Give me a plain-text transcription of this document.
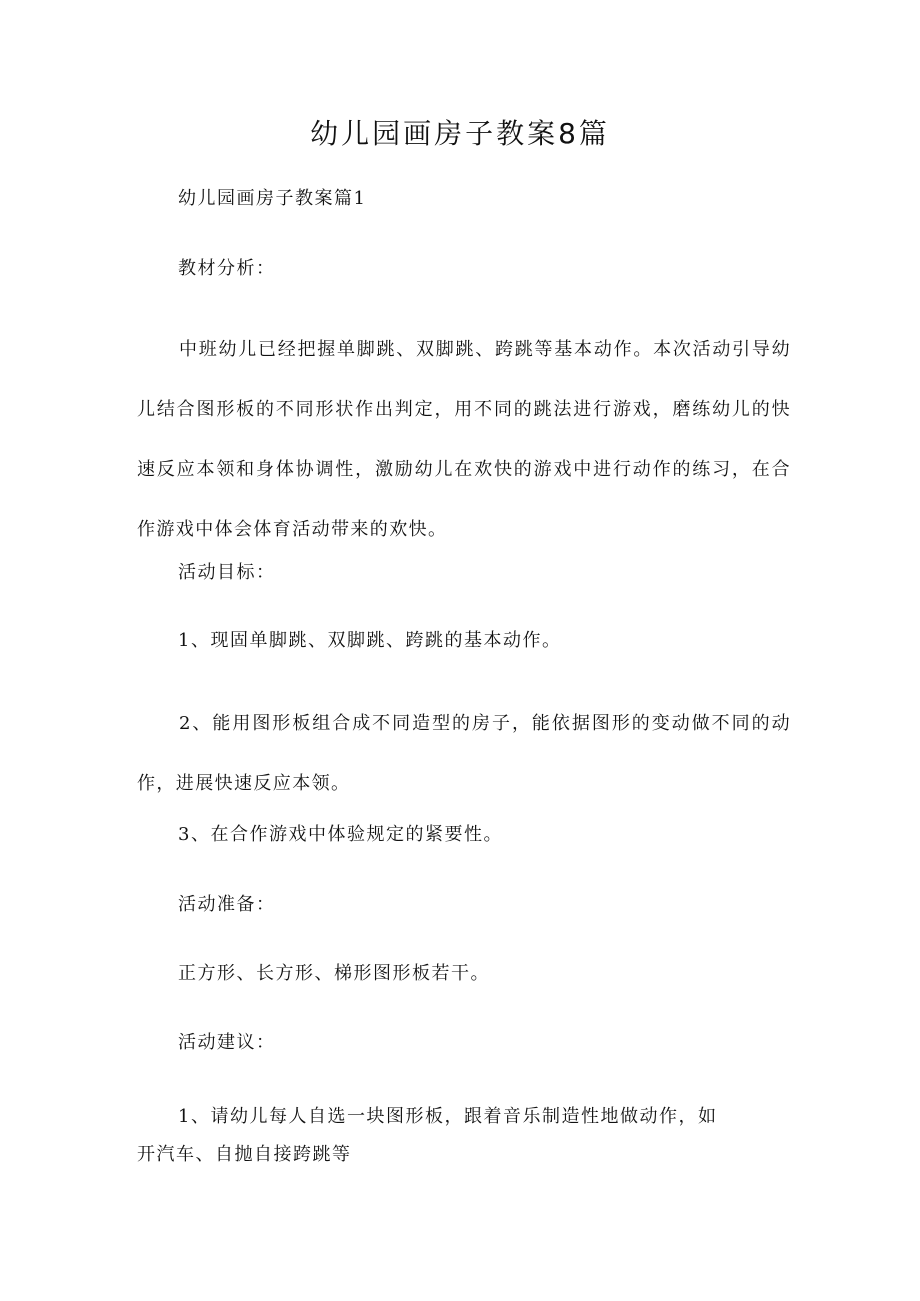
幼儿园画房子教案8篇

幼儿园画房子教案篇1

教材分析：

中班幼儿已经把握单脚跳、双脚跳、跨跳等基本动作。本次活动引导幼儿结合图形板的不同形状作出判定，用不同的跳法进行游戏，磨练幼儿的快速反应本领和身体协调性，激励幼儿在欢快的游戏中进行动作的练习，在合作游戏中体会体育活动带来的欢快。

活动目标：

1、现固单脚跳、双脚跳、跨跳的基本动作。

2、能用图形板组合成不同造型的房子，能依据图形的变动做不同的动作，进展快速反应本领。

3、在合作游戏中体验规定的紧要性。

活动准备：

正方形、长方形、梯形图形板若干。

活动建议：

1、请幼儿每人自选一块图形板，跟着音乐制造性地做动作，如

开汽车、自抛自接跨跳等
